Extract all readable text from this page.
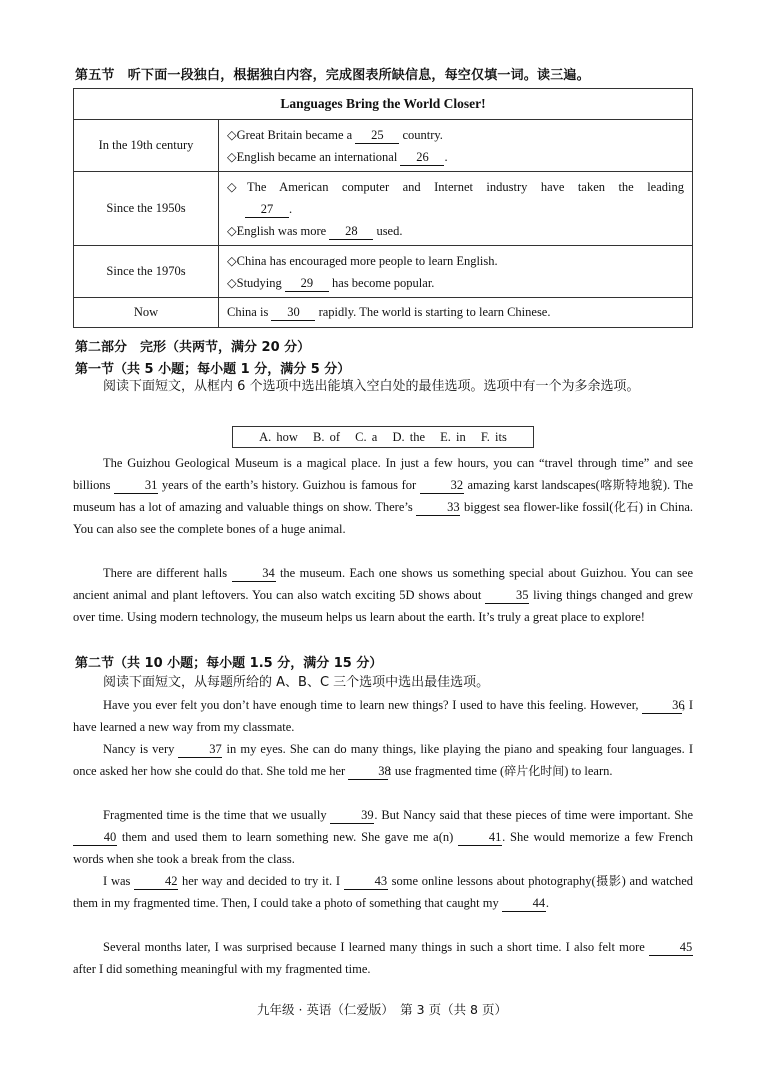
第五节　听下面一段独白，根据独白内容，完成图表所缺信息，每空仅填一词。读三遍。
Languages Bring the World Closer!	
In the 19th century	◇Great Britain became a 25 country.
◇English became an international 26 .

Since the 1950s	◇The American computer and Internet industry have taken the leading
27 .
◇English was more 28 used.

Since the 1970s	◇China has encouraged more people to learn English.
◇Studying 29 has become popular.

Now	China is 30 rapidly. The world is starting to learn Chinese.
第二部分　完形（共两节，满分 20 分）
第一节（共 5 小题；每小题 1 分，满分 5 分）
阅读下面短文，从框内 6 个选项中选出能填入空白处的最佳选项。选项中有一个为多余选项。
A. how B. of C. a D. the E. in F. its
The Guizhou Geological Museum is a magical place. In just a few hours, you can “travel through time” and see billions	31 years of the earth’s history. Guizhou is famous for	32 amazing karst landscapes(喀斯特地貌). The museum has a lot of amazing and valuable things on show. There’s	33 biggest sea flower-like fossil(化石) in China. You can also see the complete bones of a huge animal.
There are different halls	34 the museum. Each one shows us something special about Guizhou. You can see ancient animal and plant leftovers. You can also watch exciting 5D shows about	35 living things changed and grew over time. Using modern technology, the museum helps us learn about the earth. It’s truly a great place to explore!
第二节（共 10 小题；每小题 1.5 分，满分 15 分）
阅读下面短文，从每题所给的 A、B、C 三个选项中选出最佳选项。
Have you ever felt you don’t have enough time to learn new things? I used to have this feeling. However,	36, I have learned a new way from my classmate.
Nancy is very	37 in my eyes. She can do many things, like playing the piano and speaking four languages. I once asked her how she could do that. She told me her	38: use fragmented time (碎片化时间) to learn.
Fragmented time is the time that we usually	39. But Nancy said that these pieces of time were important. She 40 them and used them to learn something new. She gave me a(n)	41. She would memorize a few French words when she took a break from the class.
I was	42 her way and decided to try it. I	43 some online lessons about photography(摄影) and watched them in my fragmented time. Then, I could take a photo of something that caught my	44.
Several months later, I was surprised because I learned many things in such a short time. I also felt more	45 after I did something meaningful with my fragmented time.
九年级 · 英语（仁爱版）　第 3 页（共 8 页）
